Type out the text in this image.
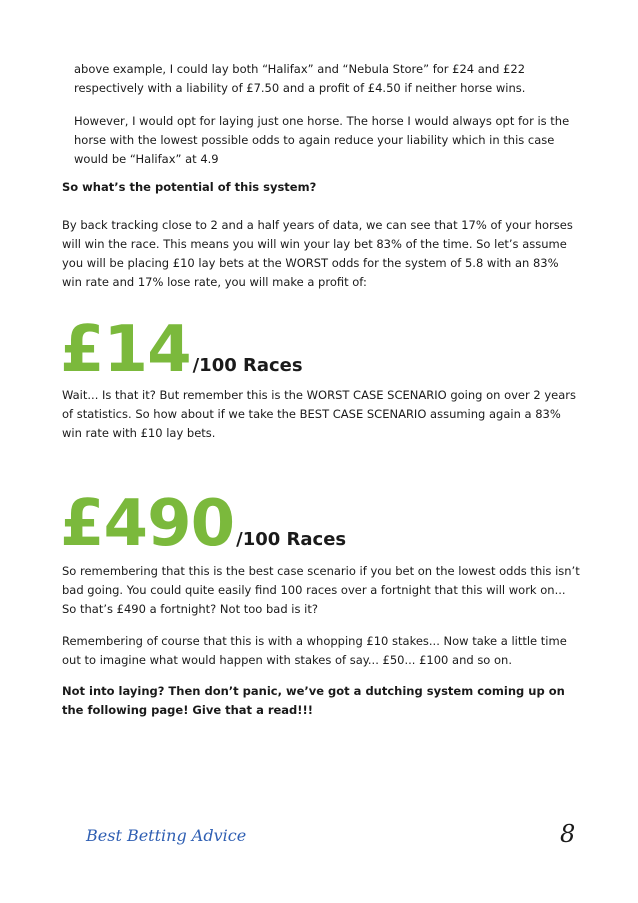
above example, I could lay both “Halifax” and “Nebula Store” for £24 and £22 respectively with a liability of £7.50 and a profit of £4.50 if neither horse wins.

However, I would opt for laying just one horse. The horse I would always opt for is the horse with the lowest possible odds to again reduce your liability which in this case would be “Halifax” at 4.9

So what’s the potential of this system?

By back tracking close to 2 and a half years of data, we can see that 17% of your horses will win the race. This means you will win your lay bet 83% of the time. So let’s assume you will be placing £10 lay bets at the WORST odds for the system of 5.8 with an 83% win rate and 17% lose rate, you will make a profit of:

£14 /100 Races

Wait... Is that it? But remember this is the WORST CASE SCENARIO going on over 2 years of statistics. So how about if we take the BEST CASE SCENARIO assuming again a 83% win rate with £10 lay bets.

£490 /100 Races

So remembering that this is the best case scenario if you bet on the lowest odds this isn’t bad going. You could quite easily find 100 races over a fortnight that this will work on... So that’s £490 a fortnight? Not too bad is it?

Remembering of course that this is with a whopping £10 stakes... Now take a little time out to imagine what would happen with stakes of say... £50... £100 and so on.

Not into laying? Then don’t panic, we’ve got a dutching system coming up on the following page! Give that a read!!!

Best Betting Advice	8
